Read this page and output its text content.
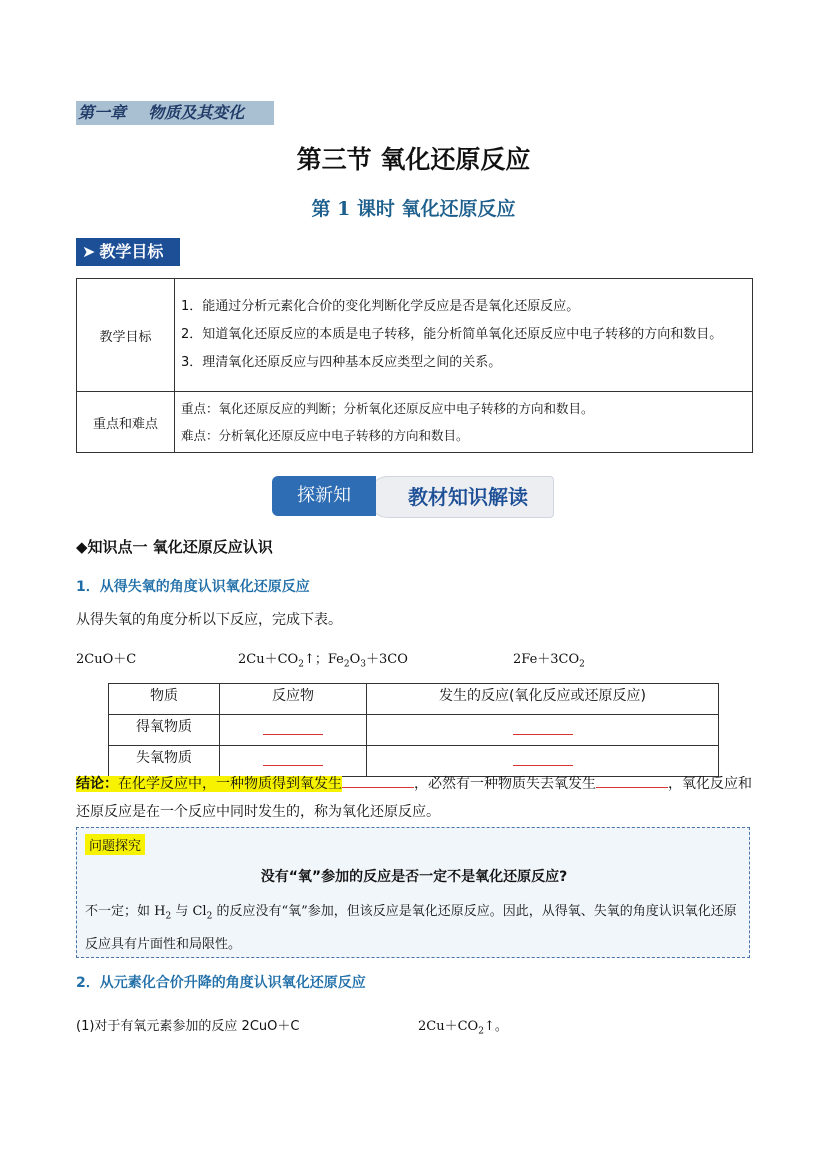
第一章    物质及其变化
第三节 氧化还原反应
第 1 课时 氧化还原反应
➤ 教学目标
教学目标	1．能通过分析元素化合价的变化判断化学反应是否是氧化还原反应。
2．知道氧化还原反应的本质是电子转移，能分析简单氧化还原反应中电子转移的方向和数目。
3．理清氧化还原反应与四种基本反应类型之间的关系。

重点和难点	重点：氧化还原反应的判断；分析氧化还原反应中电子转移的方向和数目。
难点：分析氧化还原反应中电子转移的方向和数目。
教材知识解读
探新知
◆知识点一 氧化还原反应认识
1．从得失氧的角度认识氧化还原反应
从得失氧的角度分析以下反应，完成下表。
2CuO＋C	$2Cu+CO_2↑$；$Fe_2O_3+3CO$	$2Fe+3CO_2$
物质	反应物	发生的反应(氧化反应或还原反应)
得氧物质		
失氧物质		
结论：在化学反应中，一种物质得到氧发生	，必然有一种物质失去氧发生	，氧化反应和还原反应是在一个反应中同时发生的，称为氧化还原反应。
问题探究
没有“氧”参加的反应是否一定不是氧化还原反应?
不一定；如 $H_2$ 与 $Cl_2$ 的反应没有“氧”参加，但该反应是氧化还原反应。因此，从得氧、失氧的角度认识氧化还原反应具有片面性和局限性。
2．从元素化合价升降的角度认识氧化还原反应
(1)对于有氧元素参加的反应 2CuO＋C	$2Cu+CO_2↑$。
